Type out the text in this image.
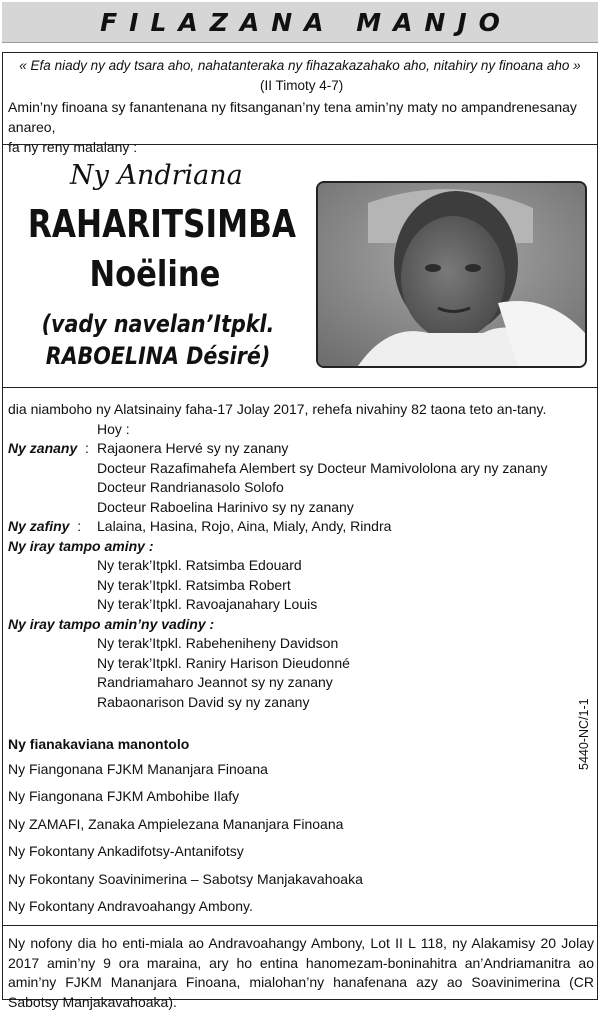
FILAZANA MANJO
« Efa niady ny ady tsara aho, nahatanteraka ny fihazakazahako aho, nitahiry ny finoana aho »
(II Timoty 4-7)
Amin’ny finoana sy fanantenana ny fitsanganan’ny tena amin’ny maty no ampandrenesanay anareo,
fa ny reny malalany :
Ny Andriana
RAHARITSIMBA
Noëline
(vady navelan’Itpkl.
RABOELINA Désiré)
dia niamboho ny Alatsinainy faha-17 Jolay 2017, rehefa nivahiny 82 taona teto an-tany.
Hoy :
Ny zanany  : Rajaonera Hervé sy ny zanany
Docteur Razafimahefa Alembert sy Docteur Mamivololona ary ny zanany
Docteur Randrianasolo Solofo
Docteur Raboelina Harinivo sy ny zanany
Ny zafiny  : Lalaina, Hasina, Rojo, Aina, Mialy, Andy, Rindra
Ny iray tampo aminy :
Ny terak’Itpkl. Ratsimba Edouard
Ny terak’Itpkl. Ratsimba Robert
Ny terak’Itpkl. Ravoajanahary Louis
Ny iray tampo amin’ny vadiny :
Ny terak’Itpkl. Rabeheniheny Davidson
Ny terak’Itpkl. Raniry Harison Dieudonné
Randriamaharo Jeannot sy ny zanany
Rabaonarison David sy ny zanany
Ny fianakaviana manontolo
Ny Fiangonana FJKM Mananjara Finoana
Ny Fiangonana FJKM Ambohibe Ilafy
Ny ZAMAFI, Zanaka Ampielezana Mananjara Finoana
Ny Fokontany Ankadifotsy-Antanifotsy
Ny Fokontany Soavinimerina – Sabotsy Manjakavahoaka
Ny Fokontany Andravoahangy Ambony.
5440-NC/1-1
Ny nofony dia ho enti-miala ao Andravoahangy Ambony, Lot II L 118, ny Alakamisy 20 Jolay 2017 amin’ny 9 ora maraina, ary ho entina hanomezam-boninahitra an’Andriamanitra ao amin’ny FJKM Mananjara Finoana, mialohan’ny hanafenana azy ao Soavinimerina (CR Sabotsy Manjakavahoaka).
